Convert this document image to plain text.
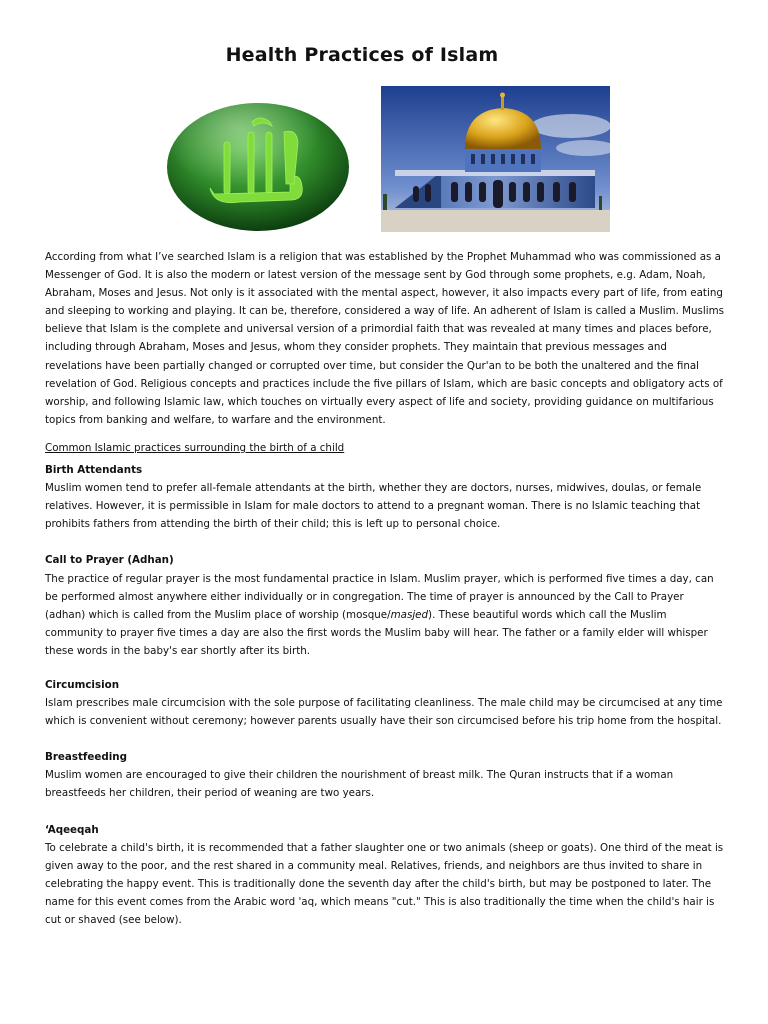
Health Practices of Islam

According from what I’ve searched Islam is a religion that was established by the Prophet Muhammad who was commissioned as a Messenger of God. It is also the modern or latest version of the message sent by God through some prophets, e.g. Adam, Noah, Abraham, Moses and Jesus. Not only is it associated with the mental aspect, however, it also impacts every part of life, from eating and sleeping to working and playing. It can be, therefore, considered a way of life. An adherent of Islam is called a Muslim. Muslims believe that Islam is the complete and universal version of a primordial faith that was revealed at many times and places before, including through Abraham, Moses and Jesus, whom they consider prophets. They maintain that previous messages and revelations have been partially changed or corrupted over time, but consider the Qur'an to be both the unaltered and the final revelation of God. Religious concepts and practices include the five pillars of Islam, which are basic concepts and obligatory acts of worship, and following Islamic law, which touches on virtually every aspect of life and society, providing guidance on multifarious topics from banking and welfare, to warfare and the environment.

Common Islamic practices surrounding the birth of a child

Birth Attendants

Muslim women tend to prefer all-female attendants at the birth, whether they are doctors, nurses, midwives, doulas, or female relatives. However, it is permissible in Islam for male doctors to attend to a pregnant woman. There is no Islamic teaching that prohibits fathers from attending the birth of their child; this is left up to personal choice.

Call to Prayer (Adhan)

The practice of regular prayer is the most fundamental practice in Islam. Muslim prayer, which is performed five times a day, can be performed almost anywhere either individually or in congregation. The time of prayer is announced by the Call to Prayer (adhan) which is called from the Muslim place of worship (mosque/masjed). These beautiful words which call the Muslim community to prayer five times a day are also the first words the Muslim baby will hear. The father or a family elder will whisper these words in the baby's ear shortly after its birth.

Circumcision

Islam prescribes male circumcision with the sole purpose of facilitating cleanliness. The male child may be circumcised at any time which is convenient without ceremony; however parents usually have their son circumcised before his trip home from the hospital.

Breastfeeding

Muslim women are encouraged to give their children the nourishment of breast milk. The Quran instructs that if a woman breastfeeds her children, their period of weaning are two years.

‘Aqeeqah

To celebrate a child's birth, it is recommended that a father slaughter one or two animals (sheep or goats). One third of the meat is given away to the poor, and the rest shared in a community meal. Relatives, friends, and neighbors are thus invited to share in celebrating the happy event. This is traditionally done the seventh day after the child's birth, but may be postponed to later. The name for this event comes from the Arabic word 'aq, which means "cut." This is also traditionally the time when the child's hair is cut or shaved (see below).
